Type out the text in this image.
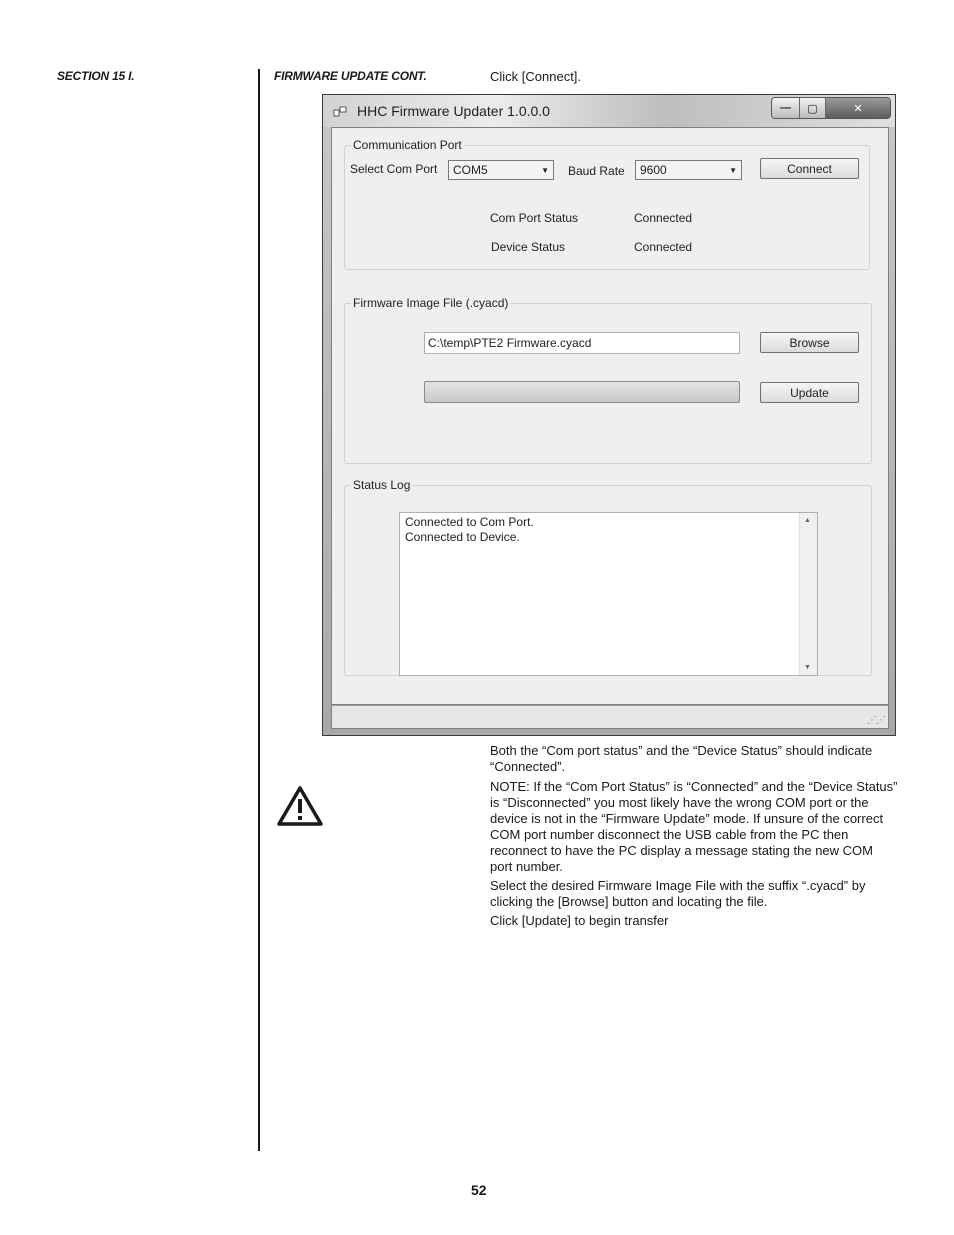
SECTION 15 I.	FIRMWARE UPDATE CONT.	Click [Connect].
HHC Firmware Updater 1.0.0.0	—	▢	✕
Communication Port
Select Com Port COM5	▼ Baud Rate 9600	▼	Connect
Com Port Status	Connected
Device Status	Connected
Firmware Image File (.cyacd)
C:\temp\PTE2 Firmware.cyacd	Browse
Update
Status Log
Connected to Com Port.
Connected to Device.
▲
▼
⋰⋰
Both the “Com port status” and the “Device Status” should indicate “Connected”.
NOTE: If the “Com Port Status” is “Connected” and the “Device Status” is “Disconnected” you most likely have the wrong COM port or the device is not in the “Firmware Update” mode. If unsure of the correct COM port number disconnect the USB cable from the PC then reconnect to have the PC display a message stating the new COM port number.
Select the desired Firmware Image File with the suffix “.cyacd” by clicking the [Browse] button and locating the file.
Click [Update] to begin transfer
52
